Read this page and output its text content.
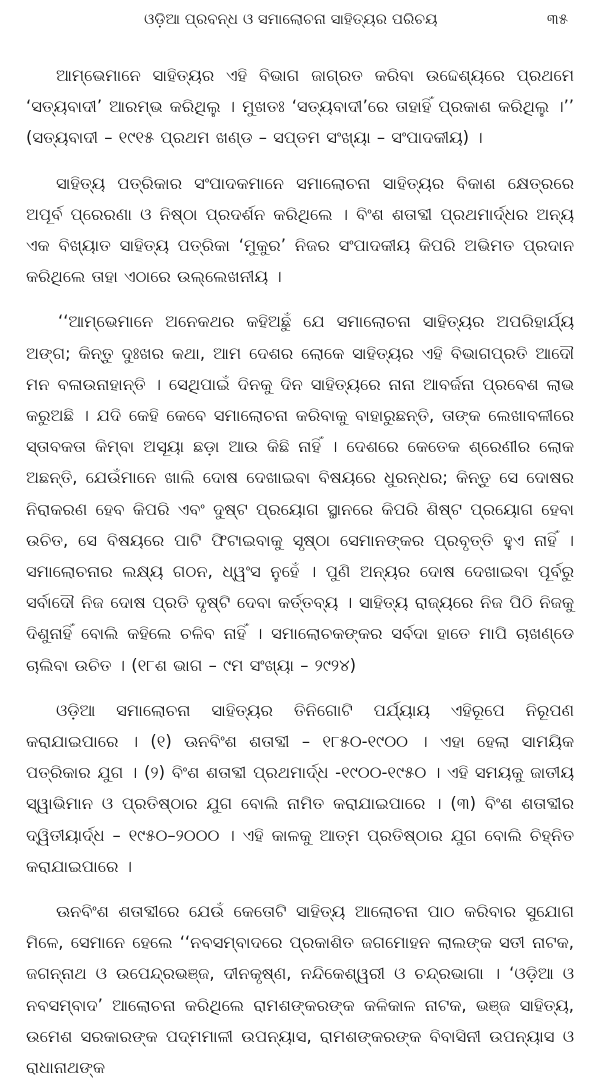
ଓଡ଼ିଆ ପ୍ରବନ୍ଧ ଓ ସମାଲୋଚନା ସାହିତ୍ୟର ପରିଚୟ	୩୫

ଆମ୍ଭେମାନେ ସାହିତ୍ୟର ଏହି ବିଭାଗ ଜାଗ୍ରତ କରିବା ଉଦ୍ଦେଶ୍ୟରେ ପ୍ରଥମେ ‘ସତ୍ୟବାଦୀ’ ଆରମ୍ଭ କରିଥିଲୁ । ମୁଖତଃ ‘ସତ୍ୟବାଦୀ’ରେ ତାହାହିଁ ପ୍ରକାଶ କରିଥିଲୁ ।’’ (ସତ୍ୟବାଦୀ – ୧୯୧୫ ପ୍ରଥମ ଖଣ୍ଡ – ସପ୍ତମ ସଂଖ୍ୟା – ସଂପାଦକୀୟ) ।

ସାହିତ୍ୟ ପତ୍ରିକାର ସଂପାଦକମାନେ ସମାଲୋଚନା ସାହିତ୍ୟର ବିକାଶ କ୍ଷେତ୍ରରେ ଅପୂର୍ବ ପ୍ରେରଣା ଓ ନିଷ୍ଠା ପ୍ରଦର୍ଶନ କରିଥିଲେ । ବିଂଶ ଶତାବ୍ଦୀ ପ୍ରଥମାର୍ଦ୍ଧର ଅନ୍ୟ ଏକ ବିଖ୍ୟାତ ସାହିତ୍ୟ ପତ୍ରିକା ‘ମୁକୁର’ ନିଜର ସଂପାଦକୀୟ କିପରି ଅଭିମତ ପ୍ରଦାନ କରିଥିଲେ ତାହା ଏଠାରେ ଉଲ୍ଲେଖନୀୟ ।

‘‘ଆମ୍ଭେମାନେ ଅନେକଥର କହିଅଛୁଁ ଯେ ସମାଲୋଚନା ସାହିତ୍ୟର ଅପରିହାର୍ଯ୍ୟ ଅଙ୍ଗ; କିନ୍ତୁ ଦୁଃଖର କଥା, ଆମ ଦେଶର ଲୋକେ ସାହିତ୍ୟର ଏହି ବିଭାଗପ୍ରତି ଆଦୌ ମନ ବଳାଉନାହାନ୍ତି । ସେଥିପାଇଁ ଦିନକୁ ଦିନ ସାହିତ୍ୟରେ ନାନା ଆବର୍ଜନା ପ୍ରବେଶ ଲାଭ କରୁଅଛି । ଯଦି କେହି କେବେ ସମାଲୋଚନା କରିବାକୁ ବାହାରୁଛନ୍ତି, ତାଙ୍କ ଲେଖାବଳୀରେ ସ୍ତାବକତା କିମ୍ବା ଅସୂୟା ଛଡ଼ା ଆଉ କିଛି ନାହିଁ । ଦେଶରେ କେତେକ ଶ୍ରେଣୀର ଲୋକ ଅଛନ୍ତି, ଯେଉଁମାନେ ଖାଲି ଦୋଷ ଦେଖାଇବା ବିଷୟରେ ଧୁରନ୍ଧର; କିନ୍ତୁ ସେ ଦୋଷର ନିରାକରଣ ହେବ କିପରି ଏବଂ ଦୁଷ୍ଟ ପ୍ରୟୋଗ ସ୍ଥାନରେ କିପରି ଶିଷ୍ଟ ପ୍ରୟୋଗ ହେବା ଉଚିତ, ସେ ବିଷୟରେ ପାଟି ଫିଟାଇବାକୁ ସୃଷ୍ଠା ସେମାନଙ୍କର ପ୍ରବୃତ୍ତି ହୁଏ ନାହିଁ । ସମାଲୋଚନାର ଲକ୍ଷ୍ୟ ଗଠନ, ଧ୍ୱଂସ ନୁହେଁ । ପୁଣି ଅନ୍ୟର ଦୋଷ ଦେଖାଇବା ପୂର୍ବରୁ ସର୍ବାଦୌ ନିଜ ଦୋଷ ପ୍ରତି ଦୃଷ୍ଟି ଦେବା କର୍ତ୍ତବ୍ୟ । ସାହିତ୍ୟ ରାଜ୍ୟରେ ନିଜ ପିଠି ନିଜକୁ ଦିଶୁନାହିଁ ବୋଲି କହିଲେ ଚଳିବ ନାହିଁ । ସମାଲୋଚକଙ୍କର ସର୍ବଦା ହାତେ ମାପି ଚାଖଣ୍ଡେ ଚାଲିବା ଉଚିତ । (୧୮ଶ ଭାଗ – ୯ମ ସଂଖ୍ୟା – ୨୯୨୪)

ଓଡ଼ିଆ ସମାଲୋଚନା ସାହିତ୍ୟର ତିନିଗୋଟି ପର୍ଯ୍ୟାୟ ଏହିରୂପେ ନିରୂପଣ କରାଯାଇପାରେ । (୧) ଊନବିଂଶ ଶତାବ୍ଦୀ – ୧୮୫୦-୧୯୦୦ । ଏହା ହେଲା ସାମୟିକ ପତ୍ରିକାର ଯୁଗ । (୨) ବିଂଶ ଶତାବ୍ଦୀ ପ୍ରଥମାର୍ଦ୍ଧ -୧୯୦୦-୧୯୫୦ । ଏହି ସମୟକୁ ଜାତୀୟ ସ୍ୱାଭିମାନ ଓ ପ୍ରତିଷ୍ଠାର ଯୁଗ ବୋଲି ନାମିତ କରାଯାଇପାରେ । (୩) ବିଂଶ ଶତାବ୍ଦୀର ଦ୍ୱିତୀୟାର୍ଦ୍ଧ – ୧୯୫୦–୨୦୦୦ । ଏହି କାଳକୁ ଆତ୍ମ ପ୍ରତିଷ୍ଠାର ଯୁଗ ବୋଲି ଚିହ୍ନିତ କରାଯାଇପାରେ ।

ଊନବିଂଶ ଶତାବ୍ଦୀରେ ଯେଉଁ କେତୋଟି ସାହିତ୍ୟ ଆଲୋଚନା ପାଠ କରିବାର ସୁଯୋଗ ମିଳେ, ସେମାନେ ହେଲେ ‘‘ନବସମ୍ବାଦରେ ପ୍ରକାଶିତ ଜଗମୋହନ ଲାଲଙ୍କ ସତୀ ନାଟକ, ଜଗନ୍ନାଥ ଓ ଉପେନ୍ଦ୍ରଭଞ୍ଜ, ଦୀନକୃଷ୍ଣ, ନନ୍ଦିକେଶ୍ୱରୀ ଓ ଚନ୍ଦ୍ରଭାଗା । ‘ଓଡ଼ିଆ ଓ ନବସମ୍ବାଦ’ ଆଲୋଚନା କରିଥିଲେ ରାମଶଙ୍କରଙ୍କ କଳିକାଳ ନାଟକ, ଭଞ୍ଜ ସାହିତ୍ୟ, ଉମେଶ ସରକାରଙ୍କ ପଦ୍ମମାଳୀ ଉପନ୍ୟାସ, ରାମଶଙ୍କରଙ୍କ ବିବାସିନୀ ଉପନ୍ୟାସ ଓ ରାଧାନାଥଙ୍କ
